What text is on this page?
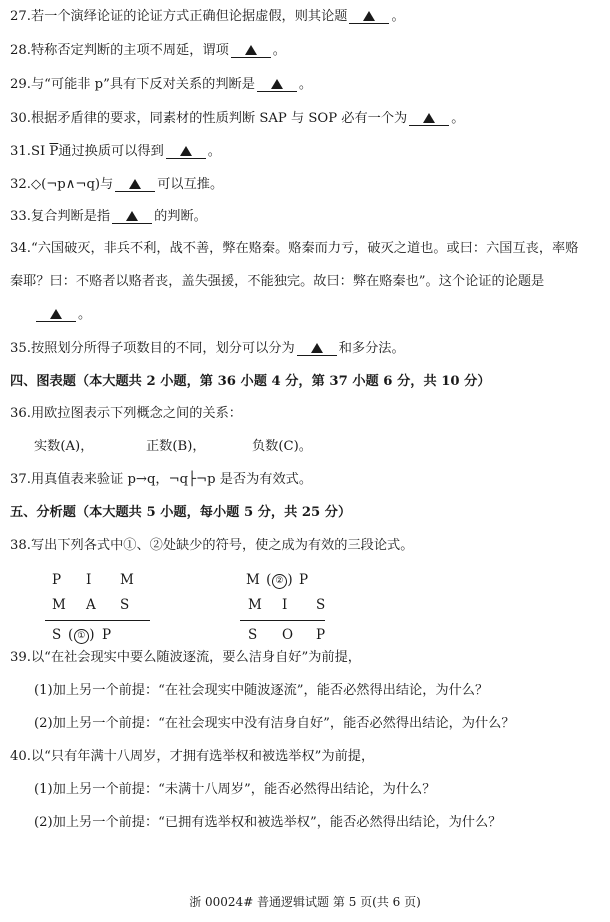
27.若一个演绎论证的论证方式正确但论据虚假，则其论题	。
28.特称否定判断的主项不周延，谓项	。
29.与“可能非 p”具有下反对关系的判断是	。
30.根据矛盾律的要求，同素材的性质判断 SAP 与 SOP 必有一个为	。
31.SI $\overline{P}$通过换质可以得到	。
32.◇(¬p∧¬q)与	可以互推。
33.复合判断是指	的判断。
34.“六国破灭，非兵不利，战不善，弊在赂秦。赂秦而力亏，破灭之道也。或曰：六国互丧，率赂
秦耶？曰：不赂者以赂者丧，盖失强援，不能独完。故曰：弊在赂秦也”。这个论证的论题是
。
35.按照划分所得子项数目的不同，划分可以分为	和多分法。
四、图表题（本大题共 2 小题，第 36 小题 4 分，第 37 小题 6 分，共 10 分）
36.用欧拉图表示下列概念之间的关系：
实数(A)，	正数(B)，	负数(C)。
37.用真值表来验证 p→q，¬q├¬p 是否为有效式。
五、分析题（本大题共 5 小题，每小题 5 分，共 25 分）
38.写出下列各式中①、②处缺少的符号，使之成为有效的三段论式。
P I M
M A S
S ( ① ) P
M ( ② ) P
M I S
S O P
39.以“在社会现实中要么随波逐流，要么洁身自好”为前提，
(1)加上另一个前提：“在社会现实中随波逐流”，能否必然得出结论，为什么？
(2)加上另一个前提：“在社会现实中没有洁身自好”，能否必然得出结论，为什么？
40.以“只有年满十八周岁，才拥有选举权和被选举权”为前提，
(1)加上另一个前提：“未满十八周岁”，能否必然得出结论，为什么？
(2)加上另一个前提：“已拥有选举权和被选举权”，能否必然得出结论，为什么？
浙 00024# 普通逻辑试题 第 5 页(共 6 页)
